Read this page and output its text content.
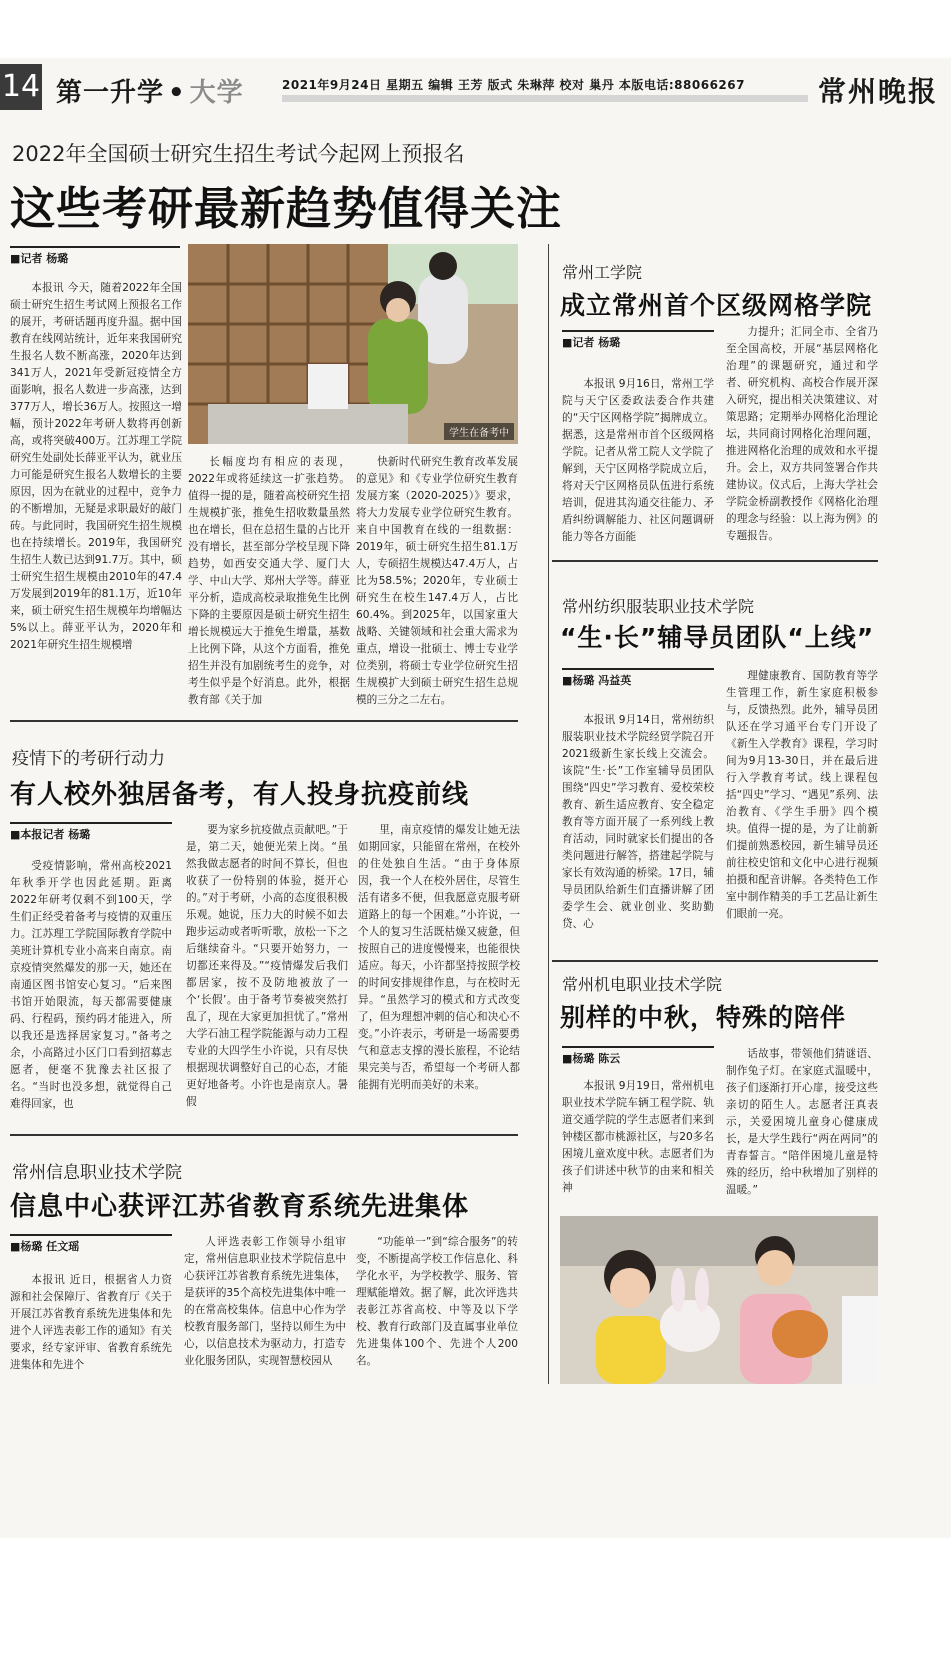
14 第一升学 • 大学	2021年9月24日 星期五 编辑 王芳 版式 朱琳萍 校对 巢丹 本版电话:88066267	常州晚报
2022年全国硕士研究生招生考试今起网上预报名
这些考研最新趋势值得关注
■记者 杨璐
学生在备考中

本报讯 今天，随着2022年全国硕士研究生招生考试网上预报名工作的展开，考研话题再度升温。据中国教育在线网站统计，近年来我国研究生报名人数不断高涨，2020年达到341万人，2021年受新冠疫情全方面影响，报名人数进一步高涨，达到377万人，增长36万人。按照这一增幅，预计2022年考研人数将再创新高，或将突破400万。江苏理工学院研究生处副处长薛亚平认为，就业压力可能是研究生报名人数增长的主要原因，因为在就业的过程中，竞争力的不断增加，无疑是求职最好的敲门砖。与此同时，我国研究生招生规模也在持续增长。2019年，我国研究生招生人数已达到91.7万。其中，硕士研究生招生规模由2010年的47.4万发展到2019年的81.1万，近10年来，硕士研究生招生规模年均增幅达5%以上。薛亚平认为，2020年和2021年研究生招生规模增

长幅度均有相应的表现，2022年或将延续这一扩张趋势。值得一提的是，随着高校研究生招生规模扩张，推免生招收数量虽然也在增长，但在总招生量的占比开没有增长，甚至部分学校呈现下降趋势，如西安交通大学、厦门大学、中山大学、郑州大学等。薛亚平分析，造成高校录取推免生比例下降的主要原因是硕士研究生招生增长规模远大于推免生增量，基数上比例下降，从这个方面看，推免招生并没有加剧统考生的竞争，对考生似乎是个好消息。此外，根据教育部《关于加

快新时代研究生教育改革发展的意见》和《专业学位研究生教育发展方案（2020-2025）》要求，将大力发展专业学位研究生教育。来自中国教育在线的一组数据：2019年，硕士研究生招生81.1万人，专硕招生规模达47.4万人，占比为58.5%；2020年，专业硕士研究生在校生147.4万人，占比60.4%。到2025年，以国家重大战略、关键领域和社会重大需求为重点，增设一批硕士、博士专业学位类别，将硕士专业学位研究生招生规模扩大到硕士研究生招生总规模的三分之二左右。

常州工学院
成立常州首个区级网格学院
■记者 杨璐

本报讯 9月16日，常州工学院与天宁区委政法委合作共建的“天宁区网格学院”揭牌成立。据悉，这是常州市首个区级网格学院。记者从常工院人文学院了解到，天宁区网格学院成立后，将对天宁区网格员队伍进行系统培训，促进其沟通交往能力、矛盾纠纷调解能力、社区问题调研能力等各方面能

力提升；汇同全市、全省乃至全国高校，开展“基层网格化治理”的课题研究，通过和学者、研究机构、高校合作展开深入研究，提出相关决策建议、对策思路；定期举办网格化治理论坛，共同商讨网格化治理问题，推进网格化治理的成效和水平提升。会上，双方共同签署合作共建协议。仪式后，上海大学社会学院金桥副教授作《网格化治理的理念与经验：以上海为例》的专题报告。

常州纺织服装职业技术学院
“生·长”辅导员团队“上线”
■杨璐 冯益英

本报讯 9月14日，常州纺织服装职业技术学院经贸学院召开2021级新生家长线上交流会。该院“生·长”工作室辅导员团队围绕“四史”学习教育、爱校荣校教育、新生适应教育、安全稳定教育等方面开展了一系列线上教育活动，同时就家长们提出的各类问题进行解答，搭建起学院与家长有效沟通的桥梁。17日，辅导员团队给新生们直播讲解了团委学生会、就业创业、奖助勤贷、心

理健康教育、国防教育等学生管理工作，新生家庭积极参与，反馈热烈。此外，辅导员团队还在学习通平台专门开设了《新生入学教育》课程，学习时间为9月13-30日，并在最后进行入学教育考试。线上课程包括“四史”学习、“遇见”系列、法治教育、《学生手册》四个模块。值得一提的是，为了让前新们提前熟悉校园，新生辅导员还前往校史馆和文化中心进行视频拍摄和配音讲解。各类特色工作室中制作精美的手工艺品让新生们眼前一亮。

疫情下的考研行动力
有人校外独居备考，有人投身抗疫前线
■本报记者 杨璐

受疫情影响，常州高校2021年秋季开学也因此延期。距离2022年研考仅剩不到100天，学生们正经受着备考与疫情的双重压力。江苏理工学院国际教育学院中美班计算机专业小高来自南京。南京疫情突然爆发的那一天，她还在南通区图书馆安心复习。“后来图书馆开始限流，每天都需要健康码、行程码，预约码才能进入，所以我还是选择居家复习。”备考之余，小高路过小区门口看到招募志愿者，便毫不犹豫去社区报了名。“当时也没多想，就觉得自己难得回家，也

要为家乡抗疫做点贡献吧。”于是，第二天，她便光荣上岗。“虽然我做志愿者的时间不算长，但也收获了一份特别的体验，挺开心的。”对于考研，小高的态度很积极乐观。她说，压力大的时候不如去跑步运动或者听听歌，放松一下之后继续奋斗。“只要开始努力，一切都还来得及。”“疫情爆发后我们都居家，按不及防地被放了一个‘长假’。由于备考节奏被突然打乱了，现在大家更加担忧了。”常州大学石油工程学院能源与动力工程专业的大四学生小许说，只有尽快根据现状调整好自己的心态，才能更好地备考。小许也是南京人。暑假

里，南京疫情的爆发让她无法如期回家，只能留在常州，在校外的住处独自生活。“由于身体原因，我一个人在校外居住，尽管生活有诸多不便，但我愿意克服考研道路上的每一个困难。”小许说，一个人的复习生活既枯燥又疲惫，但按照自己的进度慢慢来，也能很快适应。每天，小许都坚持按照学校的时间安排规律作息，与在校时无异。“虽然学习的模式和方式改变了，但为理想冲刺的信心和决心不变。”小许表示，考研是一场需要勇气和意志支撑的漫长旅程，不论结果完美与否，希望每一个考研人都能拥有光明而美好的未来。

常州机电职业技术学院
别样的中秋，特殊的陪伴
■杨璐 陈云

本报讯 9月19日，常州机电职业技术学院车辆工程学院、轨道交通学院的学生志愿者们来到钟楼区都市桃源社区，与20多名困境儿童欢度中秋。志愿者们为孩子们讲述中秋节的由来和相关神

话故事，带领他们猜谜语、制作兔子灯。在家庭式温暖中，孩子们逐渐打开心扉，接受这些亲切的陌生人。志愿者汪真表示，关爱困境儿童身心健康成长，是大学生践行“两在两同”的青春誓言。“陪伴困境儿童是特殊的经历，给中秋增加了别样的温暖。”

常州信息职业技术学院
信息中心获评江苏省教育系统先进集体
■杨璐 任文瑶

本报讯 近日，根据省人力资源和社会保障厅、省教育厅《关于开展江苏省教育系统先进集体和先进个人评选表彰工作的通知》有关要求，经专家评审、省教育系统先进集体和先进个

人评选表彰工作领导小组审定，常州信息职业技术学院信息中心获评江苏省教育系统先进集体，是获评的35个高校先进集体中唯一的在常高校集体。信息中心作为学校教育服务部门，坚持以师生为中心，以信息技术为驱动力，打造专业化服务团队，实现智慧校园从

“功能单一”到“综合服务”的转变，不断提高学校工作信息化、科学化水平，为学校教学、服务、管理赋能增效。据了解，此次评选共表彰江苏省高校、中等及以下学校、教育行政部门及直属事业单位先进集体100个、先进个人200名。
